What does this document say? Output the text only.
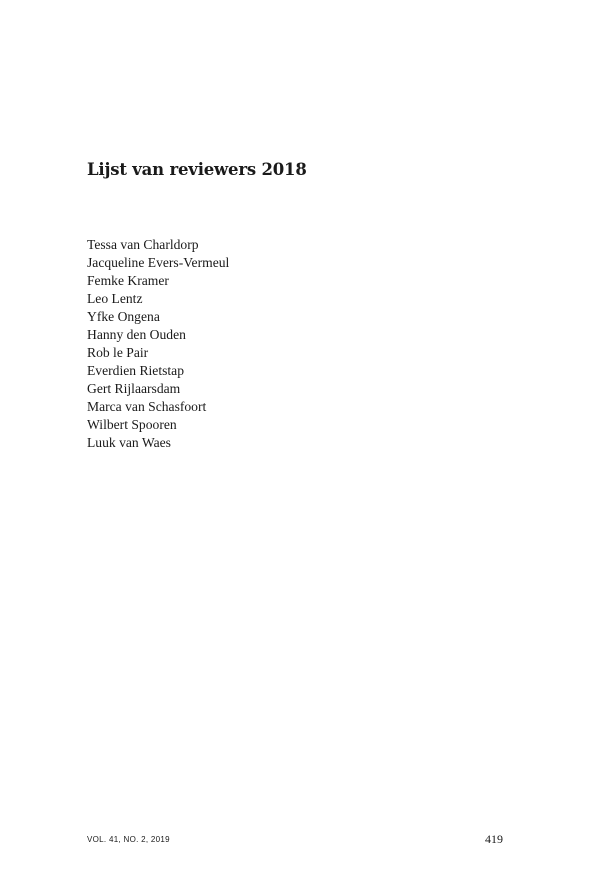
Lijst van reviewers 2018
Tessa van Charldorp
Jacqueline Evers-Vermeul
Femke Kramer
Leo Lentz
Yfke Ongena
Hanny den Ouden
Rob le Pair
Everdien Rietstap
Gert Rijlaarsdam
Marca van Schasfoort
Wilbert Spooren
Luuk van Waes
VOL. 41, NO. 2, 2019	419
